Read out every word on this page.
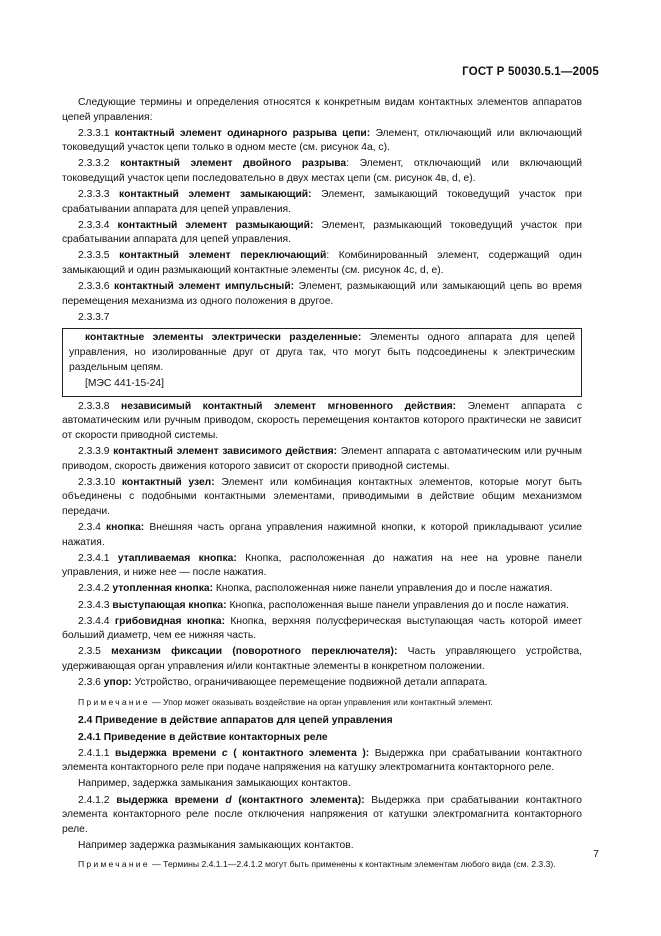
ГОСТ Р 50030.5.1—2005

Следующие термины и определения относятся к конкретным видам контактных элементов аппаратов цепей управления:

2.3.3.1 контактный элемент одинарного разрыва цепи: Элемент, отключающий или включающий токоведущий участок цепи только в одном месте (см. рисунок 4а, с).

2.3.3.2 контактный элемент двойного разрыва: Элемент, отключающий или включающий токоведущий участок цепи последовательно в двух местах цепи (см. рисунок 4в, d, е).

2.3.3.3 контактный элемент замыкающий: Элемент, замыкающий токоведущий участок при срабатывании аппарата для цепей управления.

2.3.3.4 контактный элемент размыкающий: Элемент, размыкающий токоведущий участок при срабатывании аппарата для цепей управления.

2.3.3.5 контактный элемент переключающий: Комбинированный элемент, содержащий один замыкающий и один размыкающий контактные элементы (см. рисунок 4с, d, е).

2.3.3.6 контактный элемент импульсный: Элемент, размыкающий или замыкающий цепь во время перемещения механизма из одного положения в другое.

2.3.3.7

контактные элементы электрически разделенные: Элементы одного аппарата для цепей управления, но изолированные друг от друга так, что могут быть подсоединены к электрическим раздельным цепям.

[МЭС 441-15-24]

2.3.3.8 независимый контактный элемент мгновенного действия: Элемент аппарата с автоматическим или ручным приводом, скорость перемещения контактов которого практически не зависит от скорости приводной системы.

2.3.3.9 контактный элемент зависимого действия: Элемент аппарата с автоматическим или ручным приводом, скорость движения которого зависит от скорости приводной системы.

2.3.3.10 контактный узел: Элемент или комбинация контактных элементов, которые могут быть объединены с подобными контактными элементами, приводимыми в действие общим механизмом передачи.

2.3.4 кнопка: Внешняя часть органа управления нажимной кнопки, к которой прикладывают усилие нажатия.

2.3.4.1 утапливаемая кнопка: Кнопка, расположенная до нажатия на нее на уровне панели управления, и ниже нее — после нажатия.

2.3.4.2 утопленная кнопка: Кнопка, расположенная ниже панели управления до и после нажатия.

2.3.4.3 выступающая кнопка: Кнопка, расположенная выше панели управления до и после нажатия.

2.3.4.4 грибовидная кнопка: Кнопка, верхняя полусферическая выступающая часть которой имеет больший диаметр, чем ее нижняя часть.

2.3.5 механизм фиксации (поворотного переключателя): Часть управляющего устройства, удерживающая орган управления и/или контактные элементы в конкретном положении.

2.3.6 упор: Устройство, ограничивающее перемещение подвижной детали аппарата.

Примечание — Упор может оказывать воздействие на орган управления или контактный элемент.

2.4 Приведение в действие аппаратов для цепей управления

2.4.1 Приведение в действие контакторных реле

2.4.1.1 выдержка времени c ( контактного элемента ): Выдержка при срабатывании контактного элемента контакторного реле при подаче напряжения на катушку электромагнита контакторного реле.

Например, задержка замыкания замыкающих контактов.

2.4.1.2 выдержка времени d (контактного элемента): Выдержка при срабатывании контактного элемента контакторного реле после отключения напряжения от катушки электромагнита контакторного реле.

Например задержка размыкания замыкающих контактов.

Примечание — Термины 2.4.1.1—2.4.1.2 могут быть применены к контактным элементам любого вида (см. 2.3.3).
7
